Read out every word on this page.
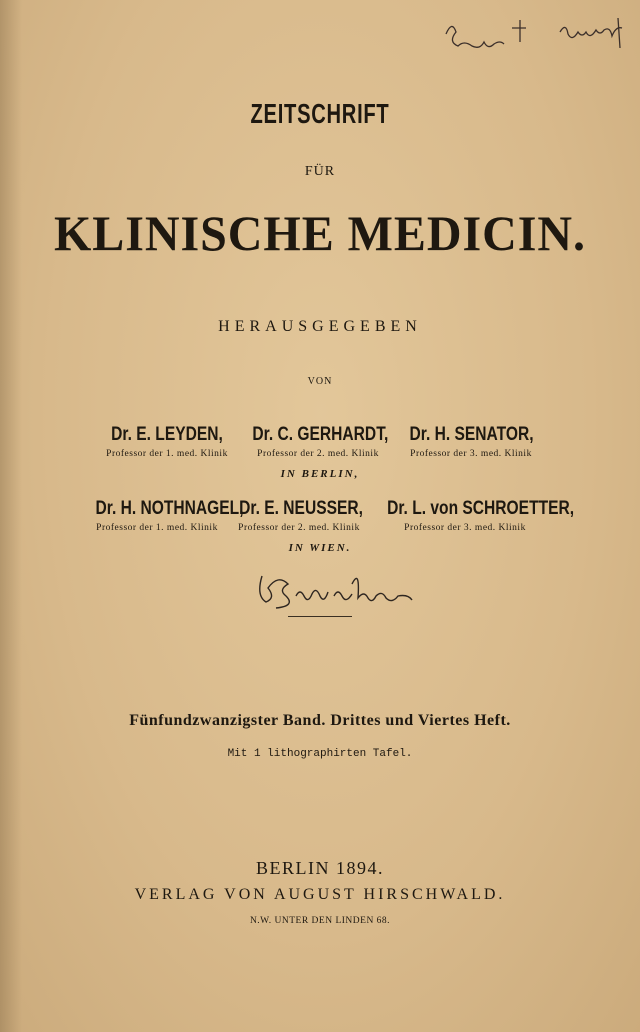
ZEITSCHRIFT
FÜR
KLINISCHE MEDICIN.
HERAUSGEGEBEN
VON
Dr. E. LEYDEN,
Professor der 1. med. Klinik
Dr. C. GERHARDT,
Professor der 2. med. Klinik
Dr. H. SENATOR,
Professor der 3. med. Klinik
IN BERLIN,
Dr. H. NOTHNAGEL,
Professor der 1. med. Klinik
Dr. E. NEUSSER,
Professor der 2. med. Klinik
Dr. L. von SCHROETTER,
Professor der 3. med. Klinik
IN WIEN.
Fünfundzwanzigster Band. Drittes und Viertes Heft.
Mit 1 lithographirten Tafel.
BERLIN 1894.
VERLAG VON AUGUST HIRSCHWALD.
N.W. UNTER DEN LINDEN 68.
